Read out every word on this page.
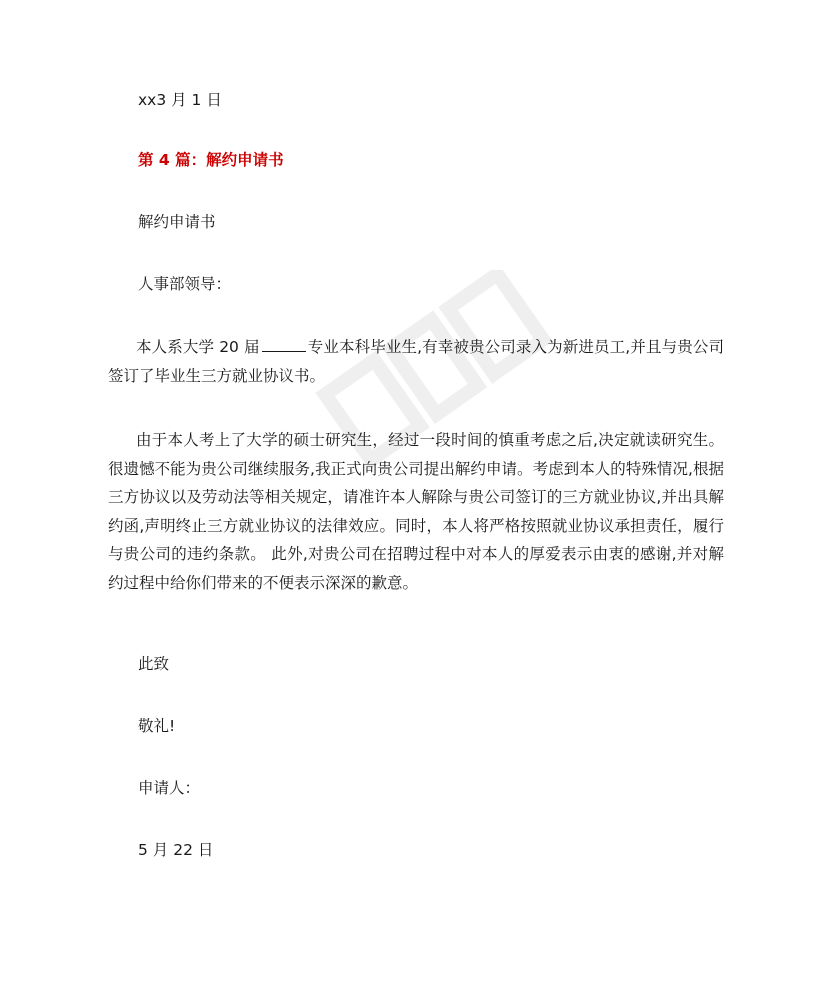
xx3 月 1 日
第 4 篇：解约申请书
解约申请书
人事部领导：
本人系大学 20 届	专业本科毕业生,有幸被贵公司录入为新进员工,并且与贵公司签订了毕业生三方就业协议书。
由于本人考上了大学的硕士研究生，经过一段时间的慎重考虑之后,决定就读研究生。很遗憾不能为贵公司继续服务,我正式向贵公司提出解约申请。考虑到本人的特殊情况,根据三方协议以及劳动法等相关规定，请准许本人解除与贵公司签订的三方就业协议,并出具解约函,声明终止三方就业协议的法律效应。同时，本人将严格按照就业协议承担责任，履行与贵公司的违约条款。 此外,对贵公司在招聘过程中对本人的厚爱表示由衷的感谢,并对解约过程中给你们带来的不便表示深深的歉意。
此致
敬礼!
申请人：
5 月 22 日
